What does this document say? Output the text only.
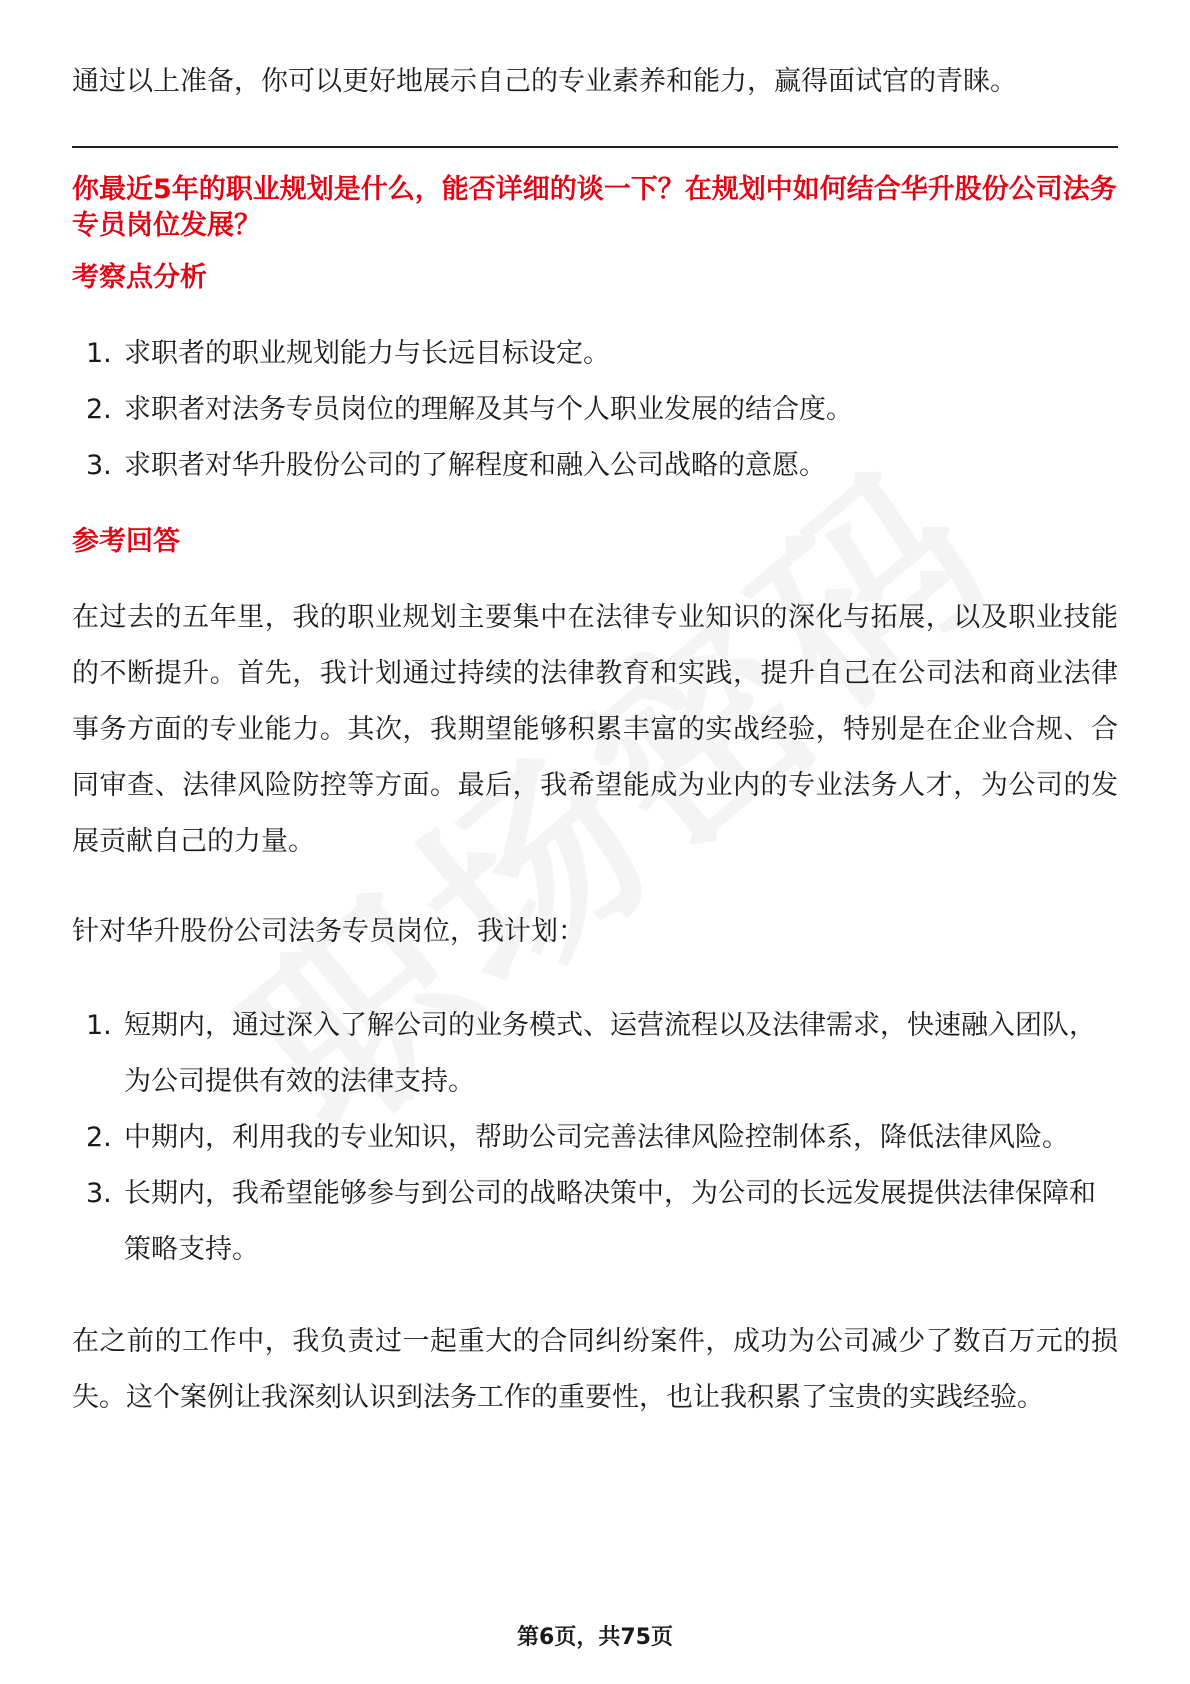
通过以上准备，你可以更好地展示自己的专业素养和能力，赢得面试官的青睐。

你最近5年的职业规划是什么，能否详细的谈一下？在规划中如何结合华升股份公司法务专员岗位发展？
考察点分析
1. 求职者的职业规划能力与长远目标设定。
2. 求职者对法务专员岗位的理解及其与个人职业发展的结合度。
3. 求职者对华升股份公司的了解程度和融入公司战略的意愿。
参考回答

在过去的五年里，我的职业规划主要集中在法律专业知识的深化与拓展，以及职业技能的不断提升。首先，我计划通过持续的法律教育和实践，提升自己在公司法和商业法律事务方面的专业能力。其次，我期望能够积累丰富的实战经验，特别是在企业合规、合同审查、法律风险防控等方面。最后，我希望能成为业内的专业法务人才，为公司的发展贡献自己的力量。

针对华升股份公司法务专员岗位，我计划：

1. 短期内，通过深入了解公司的业务模式、运营流程以及法律需求，快速融入团队，为公司提供有效的法律支持。
2. 中期内，利用我的专业知识，帮助公司完善法律风险控制体系，降低法律风险。
3. 长期内，我希望能够参与到公司的战略决策中，为公司的长远发展提供法律保障和策略支持。

在之前的工作中，我负责过一起重大的合同纠纷案件，成功为公司减少了数百万元的损失。这个案例让我深刻认识到法务工作的重要性，也让我积累了宝贵的实践经验。

第6页，共75页
